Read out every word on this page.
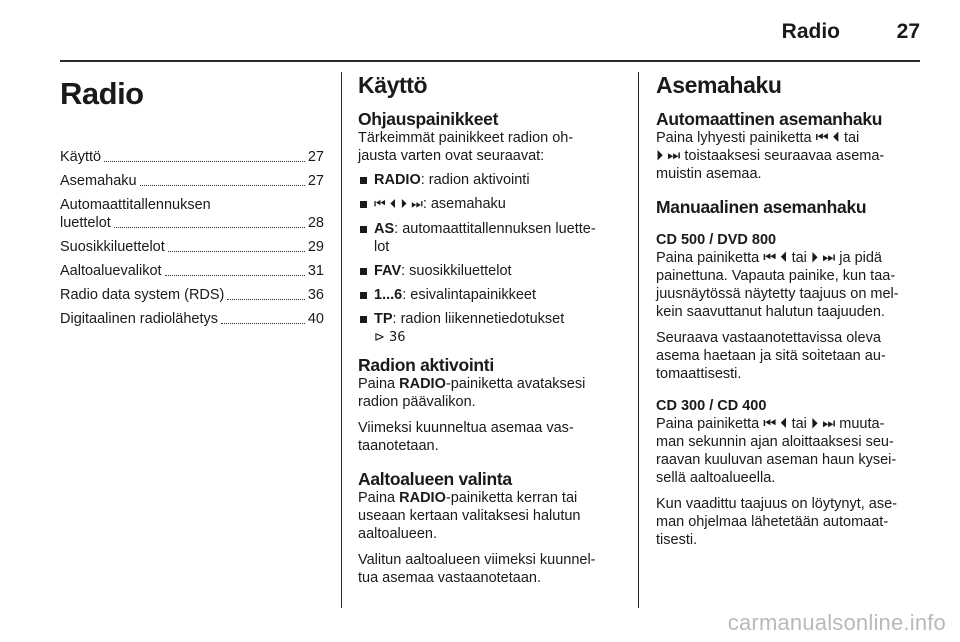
Radio	27
Radio
Käyttö	27
Asemahaku	27
Automaattitallennuksen
luettelot	28
Suosikkiluettelot	29
Aaltoaluevalikot	31
Radio data system (RDS)	36
Digitaalinen radiolähetys	40
Käyttö
Ohjauspainikkeet
Tärkeimmät painikkeet radion oh-
jausta varten ovat seuraavat:
RADIO: radion aktivointi
⏮ ⏴ ⏵ ⏭: asemahaku
AS: automaattitallennuksen luette-
lot
FAV: suosikkiluettelot
1...6: esivalintapainikkeet
TP: radion liikennetiedotukset
⊳ 36
Radion aktivointi
Paina RADIO-painiketta avataksesi
radion päävalikon.
Viimeksi kuunneltua asemaa vas-
taanotetaan.
Aaltoalueen valinta
Paina RADIO-painiketta kerran tai
useaan kertaan valitaksesi halutun
aaltoalueen.
Valitun aaltoalueen viimeksi kuunnel-
tua asemaa vastaanotetaan.
Asemahaku
Automaattinen asemanhaku
Paina lyhyesti painiketta ⏮ ⏴ tai
⏵ ⏭ toistaaksesi seuraavaa asema-
muistin asemaa.
Manuaalinen asemanhaku
CD 500 / DVD 800
Paina painiketta ⏮ ⏴ tai ⏵ ⏭ ja pidä
painettuna. Vapauta painike, kun taa-
juusnäytössä näytetty taajuus on mel-
kein saavuttanut halutun taajuuden.
Seuraava vastaanotettavissa oleva
asema haetaan ja sitä soitetaan au-
tomaattisesti.
CD 300 / CD 400
Paina painiketta ⏮ ⏴ tai ⏵ ⏭ muuta-
man sekunnin ajan aloittaaksesi seu-
raavan kuuluvan aseman haun kysei-
sellä aaltoalueella.
Kun vaadittu taajuus on löytynyt, ase-
man ohjelmaa lähetetään automaat-
tisesti.
carmanualsonline.info
